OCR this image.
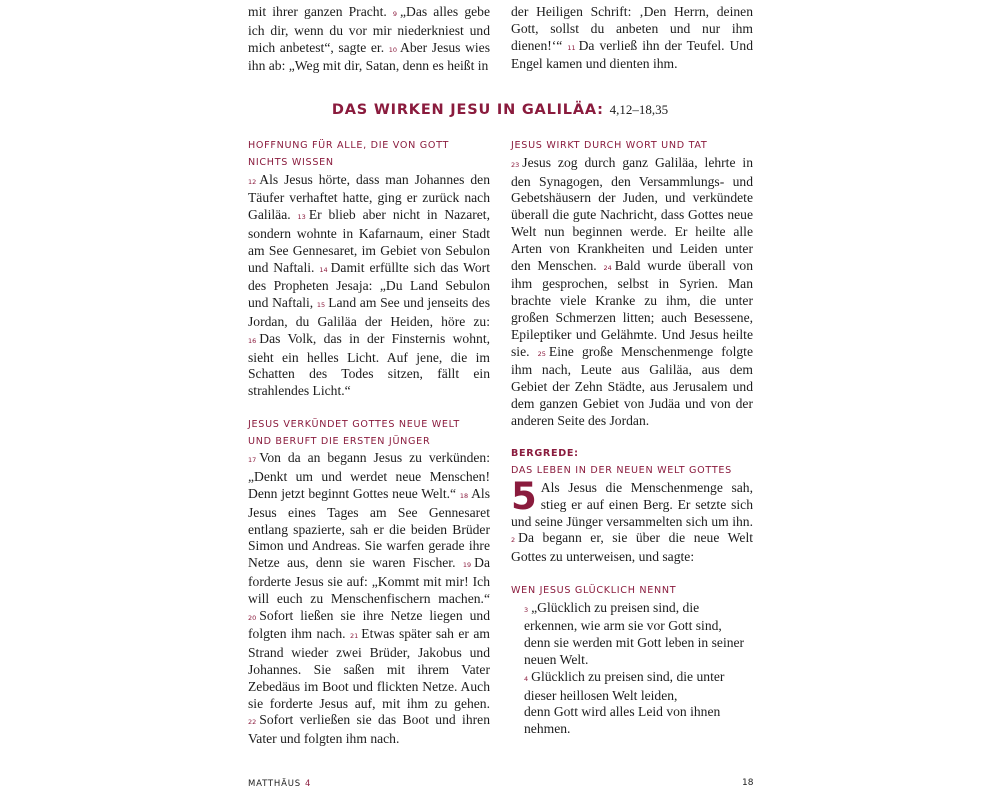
mit ihrer ganzen Pracht. 9 „Das alles gebe ich dir, wenn du vor mir niederkniest und mich anbetest“, sagte er. 10 Aber Jesus wies ihn ab: „Weg mit dir, Satan, denn es heißt in

der Heiligen Schrift: ‚Den Herrn, deinen Gott, sollst du anbeten und nur ihm dienen!‘“ 11 Da verließ ihn der Teufel. Und Engel kamen und dienten ihm.

DAS WIRKEN JESU IN GALILÄA: 4,12–18,35

HOFFNUNG FÜR ALLE, DIE VON GOTT

NICHTS WISSEN

12 Als Jesus hörte, dass man Johannes den Täufer verhaftet hatte, ging er zurück nach Galiläa. 13 Er blieb aber nicht in Nazaret, sondern wohnte in Kafarnaum, einer Stadt am See Gennesaret, im Gebiet von Sebulon und Naftali. 14 Damit erfüllte sich das Wort des Propheten Jesaja: „Du Land Sebulon und Naftali, 15 Land am See und jenseits des Jordan, du Galiläa der Heiden, höre zu: 16 Das Volk, das in der Finsternis wohnt, sieht ein helles Licht. Auf jene, die im Schatten des Todes sitzen, fällt ein strahlendes Licht.“

JESUS VERKÜNDET GOTTES NEUE WELT

UND BERUFT DIE ERSTEN JÜNGER

17 Von da an begann Jesus zu verkünden: „Denkt um und werdet neue Menschen! Denn jetzt beginnt Gottes neue Welt.“ 18 Als Jesus eines Tages am See Gennesaret entlang spazierte, sah er die beiden Brüder Simon und Andreas. Sie warfen gerade ihre Netze aus, denn sie waren Fischer. 19 Da forderte Jesus sie auf: „Kommt mit mir! Ich will euch zu Menschenfischern machen.“ 20 Sofort ließen sie ihre Netze liegen und folgten ihm nach. 21 Etwas später sah er am Strand wieder zwei Brüder, Jakobus und Johannes. Sie saßen mit ihrem Vater Zebedäus im Boot und flickten Netze. Auch sie forderte Jesus auf, mit ihm zu gehen. 22 Sofort verließen sie das Boot und ihren Vater und folgten ihm nach.

JESUS WIRKT DURCH WORT UND TAT

23 Jesus zog durch ganz Galiläa, lehrte in den Synagogen, den Versammlungs- und Gebetshäusern der Juden, und verkündete überall die gute Nachricht, dass Gottes neue Welt nun beginnen werde. Er heilte alle Arten von Krankheiten und Leiden unter den Menschen. 24 Bald wurde überall von ihm gesprochen, selbst in Syrien. Man brachte viele Kranke zu ihm, die unter großen Schmerzen litten; auch Besessene, Epileptiker und Gelähmte. Und Jesus heilte sie. 25 Eine große Menschenmenge folgte ihm nach, Leute aus Galiläa, aus dem Gebiet der Zehn Städte, aus Jerusalem und dem ganzen Gebiet von Judäa und von der anderen Seite des Jordan.

BERGREDE:

DAS LEBEN IN DER NEUEN WELT GOTTES

5 Als Jesus die Menschenmenge sah, stieg er auf einen Berg. Er setzte sich und seine Jünger versammelten sich um ihn. 2 Da begann er, sie über die neue Welt Gottes zu unterweisen, und sagte:

WEN JESUS GLÜCKLICH NENNT

3 „Glücklich zu preisen sind, die erkennen, wie arm sie vor Gott sind,

denn sie werden mit Gott leben in seiner neuen Welt.

4 Glücklich zu preisen sind, die unter dieser heillosen Welt leiden,

denn Gott wird alles Leid von ihnen nehmen.

MATTHÄUS 4	18
